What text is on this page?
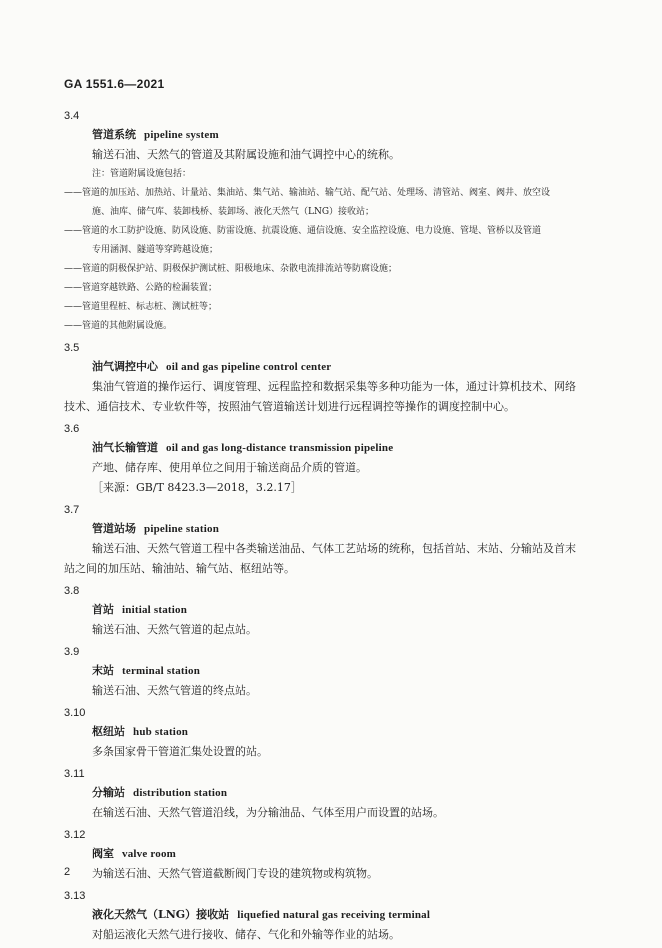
GA 1551.6—2021
3.4
管道系统 pipeline system
输送石油、天然气的管道及其附属设施和油气调控中心的统称。
注：管道附属设施包括：
——管道的加压站、加热站、计量站、集油站、集气站、输油站、输气站、配气站、处理场、清管站、阀室、阀井、放空设
施、油库、储气库、装卸栈桥、装卸场、液化天然气（LNG）接收站；
——管道的水工防护设施、防风设施、防雷设施、抗震设施、通信设施、安全监控设施、电力设施、管堤、管桥以及管道
专用涵洞、隧道等穿跨越设施；
——管道的阴极保护站、阴极保护测试桩、阳极地床、杂散电流排流站等防腐设施；
——管道穿越铁路、公路的检漏装置；
——管道里程桩、标志桩、测试桩等；
——管道的其他附属设施。
3.5
油气调控中心 oil and gas pipeline control center
集油气管道的操作运行、调度管理、远程监控和数据采集等多种功能为一体，通过计算机技术、网络
技术、通信技术、专业软件等，按照油气管道输送计划进行远程调控等操作的调度控制中心。
3.6
油气长输管道 oil and gas long-distance transmission pipeline
产地、储存库、使用单位之间用于输送商品介质的管道。
［来源：GB/T 8423.3—2018，3.2.17］
3.7
管道站场 pipeline station
输送石油、天然气管道工程中各类输送油品、气体工艺站场的统称，包括首站、末站、分输站及首末
站之间的加压站、输油站、输气站、枢纽站等。
3.8
首站 initial station
输送石油、天然气管道的起点站。
3.9
末站 terminal station
输送石油、天然气管道的终点站。
3.10
枢纽站 hub station
多条国家骨干管道汇集处设置的站。
3.11
分输站 distribution station
在输送石油、天然气管道沿线，为分输油品、气体至用户而设置的站场。
3.12
阀室 valve room
为输送石油、天然气管道截断阀门专设的建筑物或构筑物。
3.13
液化天然气（LNG）接收站 liquefied natural gas receiving terminal
对船运液化天然气进行接收、储存、气化和外输等作业的站场。
2
